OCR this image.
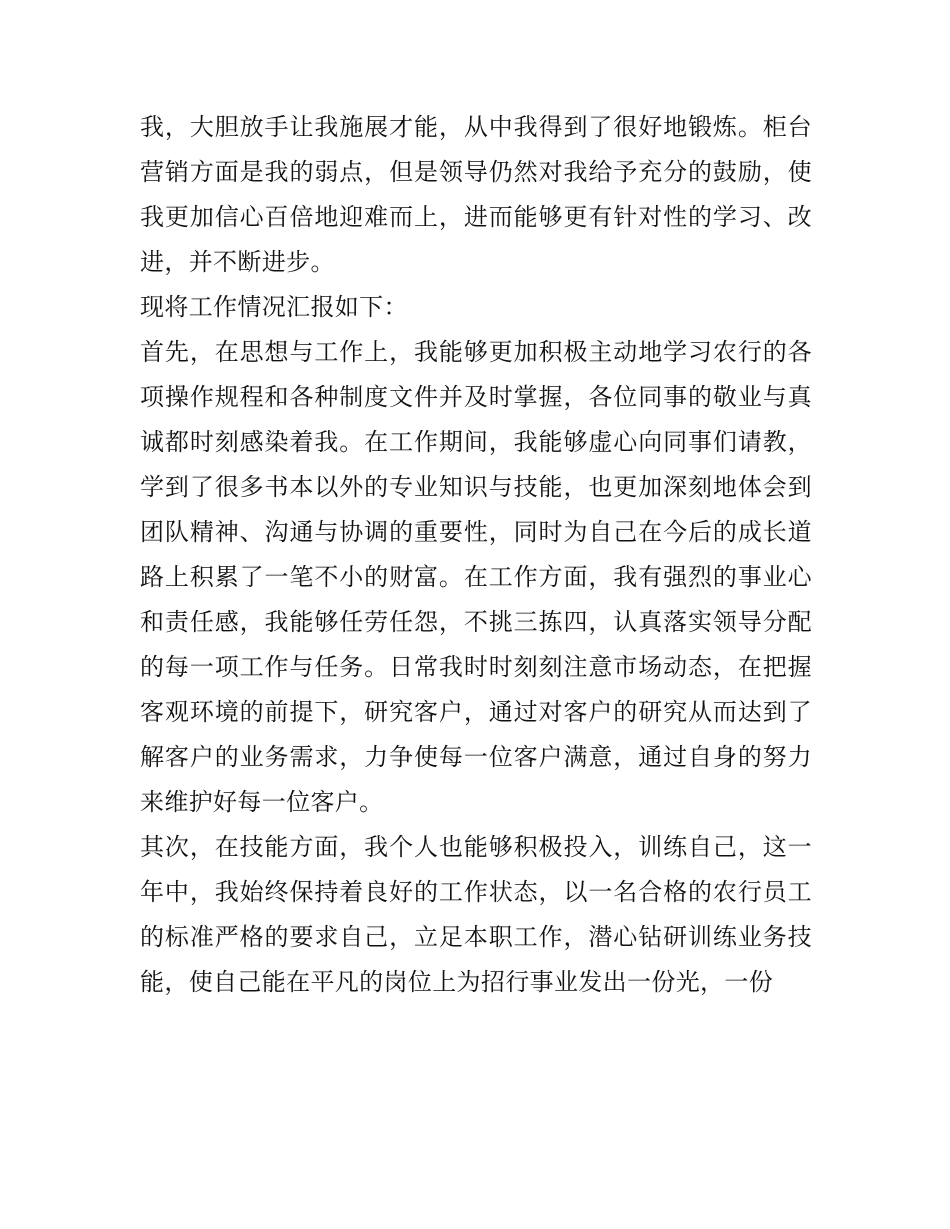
我，大胆放手让我施展才能，从中我得到了很好地锻炼。柜台营销方面是我的弱点，但是领导仍然对我给予充分的鼓励，使我更加信心百倍地迎难而上，进而能够更有针对性的学习、改进，并不断进步。

现将工作情况汇报如下：

首先，在思想与工作上，我能够更加积极主动地学习农行的各项操作规程和各种制度文件并及时掌握，各位同事的敬业与真诚都时刻感染着我。在工作期间，我能够虚心向同事们请教，学到了很多书本以外的专业知识与技能，也更加深刻地体会到团队精神、沟通与协调的重要性，同时为自己在今后的成长道路上积累了一笔不小的财富。在工作方面，我有强烈的事业心和责任感，我能够任劳任怨，不挑三拣四，认真落实领导分配的每一项工作与任务。日常我时时刻刻注意市场动态，在把握客观环境的前提下，研究客户，通过对客户的研究从而达到了解客户的业务需求，力争使每一位客户满意，通过自身的努力来维护好每一位客户。

其次，在技能方面，我个人也能够积极投入，训练自己，这一年中，我始终保持着良好的工作状态，以一名合格的农行员工的标准严格的要求自己，立足本职工作，潜心钻研训练业务技能，使自己能在平凡的岗位上为招行事业发出一份光，一份
